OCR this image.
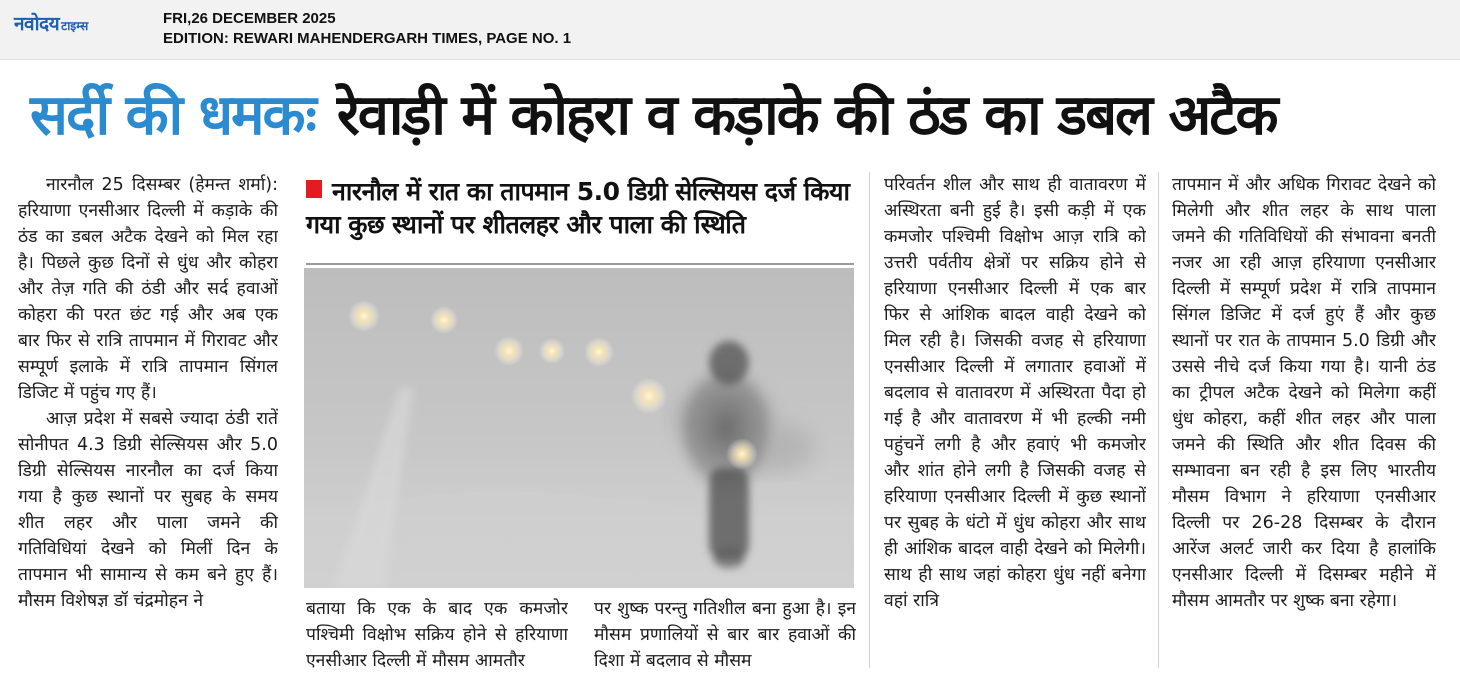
नवोदय टाइम्स	FRI,26 DECEMBER 2025
EDITION: REWARI MAHENDERGARH TIMES, PAGE NO. 1
सर्दी की धमकः रेवाड़ी में कोहरा व कड़ाके की ठंड का डबल अटैक

नारनौल 25 दिसम्बर (हेमन्त शर्मा): हरियाणा एनसीआर दिल्ली में कड़ाके की ठंड का डबल अटैक देखने को मिल रहा है। पिछले कुछ दिनों से धुंध और कोहरा और तेज़ गति की ठंडी और सर्द हवाओं कोहरा की परत छंट गई और अब एक बार फिर से रात्रि तापमान में गिरावट और सम्पूर्ण इलाके में रात्रि तापमान सिंगल डिजिट में पहुंच गए हैं।

आज़ प्रदेश में सबसे ज्यादा ठंडी रातें सोनीपत 4.3 डिग्री सेल्सियस और 5.0 डिग्री सेल्सियस नारनौल का दर्ज किया गया है कुछ स्थानों पर सुबह के समय शीत लहर और पाला जमने की गतिविधियां देखने को मिलीं दिन के तापमान भी सामान्य से कम बने हुए हैं। मौसम विशेषज्ञ डॉ चंद्रमोहन ने

नारनौल में रात का तापमान 5.0 डिग्री सेल्सियस दर्ज किया गया कुछ स्थानों पर शीतलहर और पाला की स्थिति

बताया कि एक के बाद एक कमजोर पश्चिमी विक्षोभ सक्रिय होने से हरियाणा एनसीआर दिल्ली में मौसम आमतौर

पर शुष्क परन्तु गतिशील बना हुआ है। इन मौसम प्रणालियों से बार बार हवाओं की दिशा में बदलाव से मौसम

परिवर्तन शील और साथ ही वातावरण में अस्थिरता बनी हुई है। इसी कड़ी में एक कमजोर पश्चिमी विक्षोभ आज़ रात्रि को उत्तरी पर्वतीय क्षेत्रों पर सक्रिय होने से हरियाणा एनसीआर दिल्ली में एक बार फिर से आंशिक बादल वाही देखने को मिल रही है। जिसकी वजह से हरियाणा एनसीआर दिल्ली में लगातार हवाओं में बदलाव से वातावरण में अस्थिरता पैदा हो गई है और वातावरण में भी हल्की नमी पहुंचनें लगी है और हवाएं भी कमजोर और शांत होने लगी है जिसकी वजह से हरियाणा एनसीआर दिल्ली में कुछ स्थानों पर सुबह के धंटो में धुंध कोहरा और साथ ही आंशिक बादल वाही देखने को मिलेगी। साथ ही साथ जहां कोहरा धुंध नहीं बनेगा वहां रात्रि

तापमान में और अधिक गिरावट देखने को मिलेगी और शीत लहर के साथ पाला जमने की गतिविधियों की संभावना बनती नजर आ रही आज़ हरियाणा एनसीआर दिल्ली में सम्पूर्ण प्रदेश में रात्रि तापमान सिंगल डिजिट में दर्ज हुएं हैं और कुछ स्थानों पर रात के तापमान 5.0 डिग्री और उससे नीचे दर्ज किया गया है। यानी ठंड का ट्रीपल अटैक देखने को मिलेगा कहीं धुंध कोहरा, कहीं शीत लहर और पाला जमने की स्थिति और शीत दिवस की सम्भावना बन रही है इस लिए भारतीय मौसम विभाग ने हरियाणा एनसीआर दिल्ली पर 26-28 दिसम्बर के दौरान आरेंज अलर्ट जारी कर दिया है हालांकि एनसीआर दिल्ली में दिसम्बर महीने में मौसम आमतौर पर शुष्क बना रहेगा।
